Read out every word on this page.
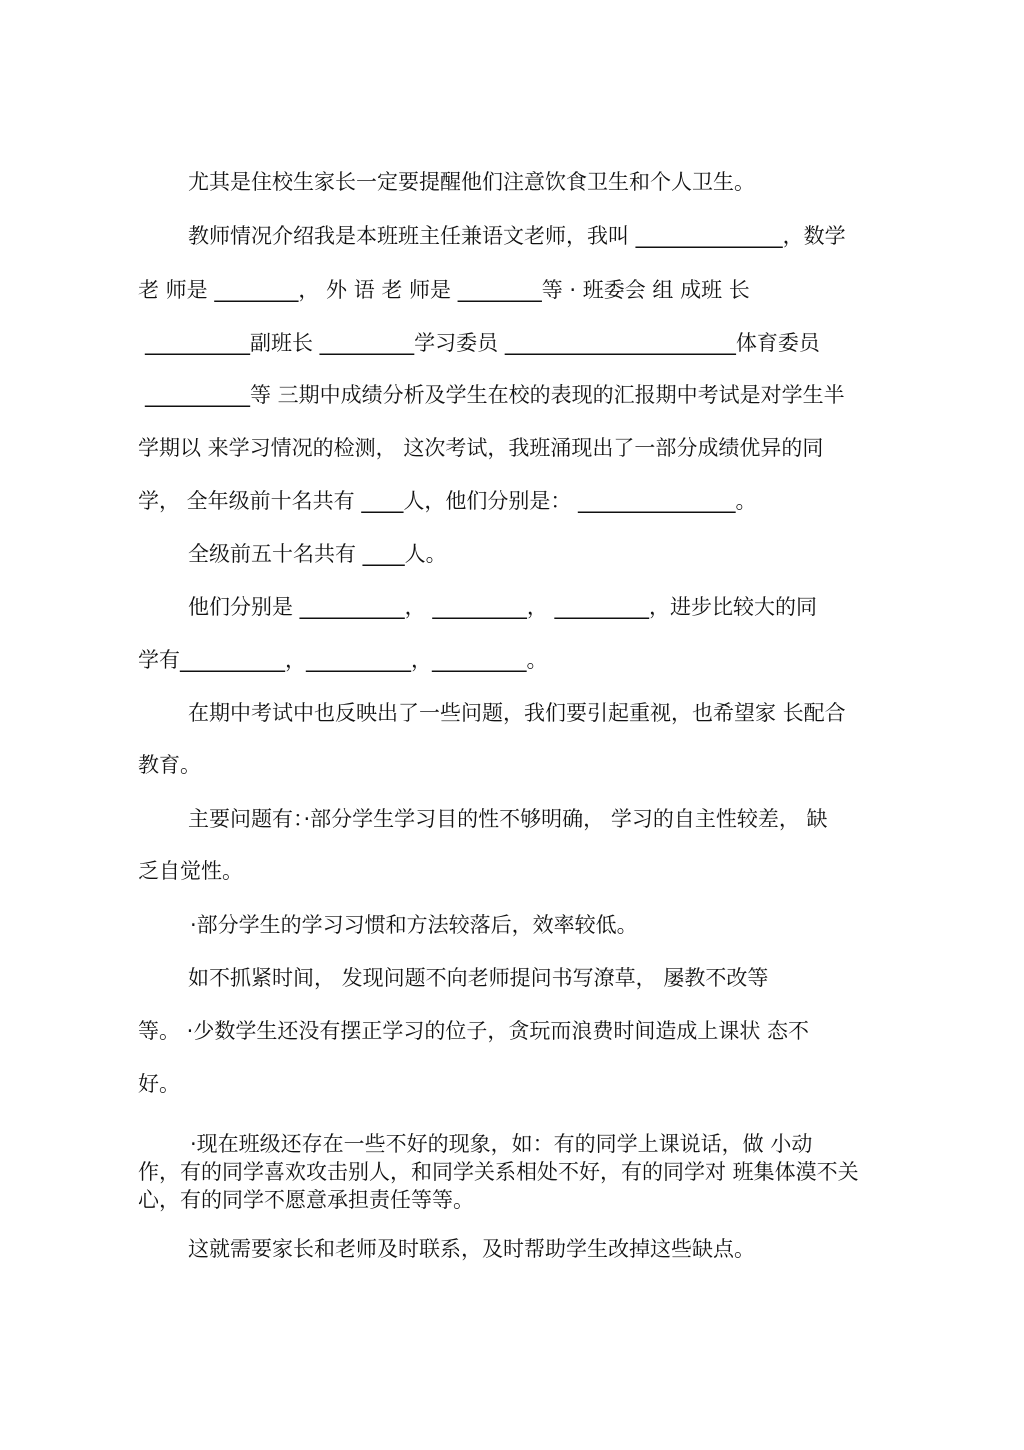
尤其是住校生家长一定要提醒他们注意饮食卫生和个人卫生。
教师情况介绍我是本班班主任兼语文老师，我叫 ______________，数学
老 师是 ________， 外 语 老 师是 ________等 · 班委会 组 成班 长
__________副班长 _________学习委员 ______________________体育委员
__________等 三期中成绩分析及学生在校的表现的汇报期中考试是对学生半
学期以 来学习情况的检测， 这次考试，我班涌现出了一部分成绩优异的同
学， 全年级前十名共有 ____人，他们分别是： _______________。
全级前五十名共有 ____人。
他们分别是 __________， _________， _________，进步比较大的同
学有__________，__________，_________。
在期中考试中也反映出了一些问题，我们要引起重视，也希望家 长配合
教育。
主要问题有：·部分学生学习目的性不够明确， 学习的自主性较差， 缺
乏自觉性。
·部分学生的学习习惯和方法较落后，效率较低。
如不抓紧时间， 发现问题不向老师提问书写潦草， 屡教不改等
等。 ·少数学生还没有摆正学习的位子，贪玩而浪费时间造成上课状 态不
好。
·现在班级还存在一些不好的现象，如：有的同学上课说话，做 小动
作，有的同学喜欢攻击别人，和同学关系相处不好，有的同学对 班集体漠不关
心，有的同学不愿意承担责任等等。
这就需要家长和老师及时联系，及时帮助学生改掉这些缺点。
